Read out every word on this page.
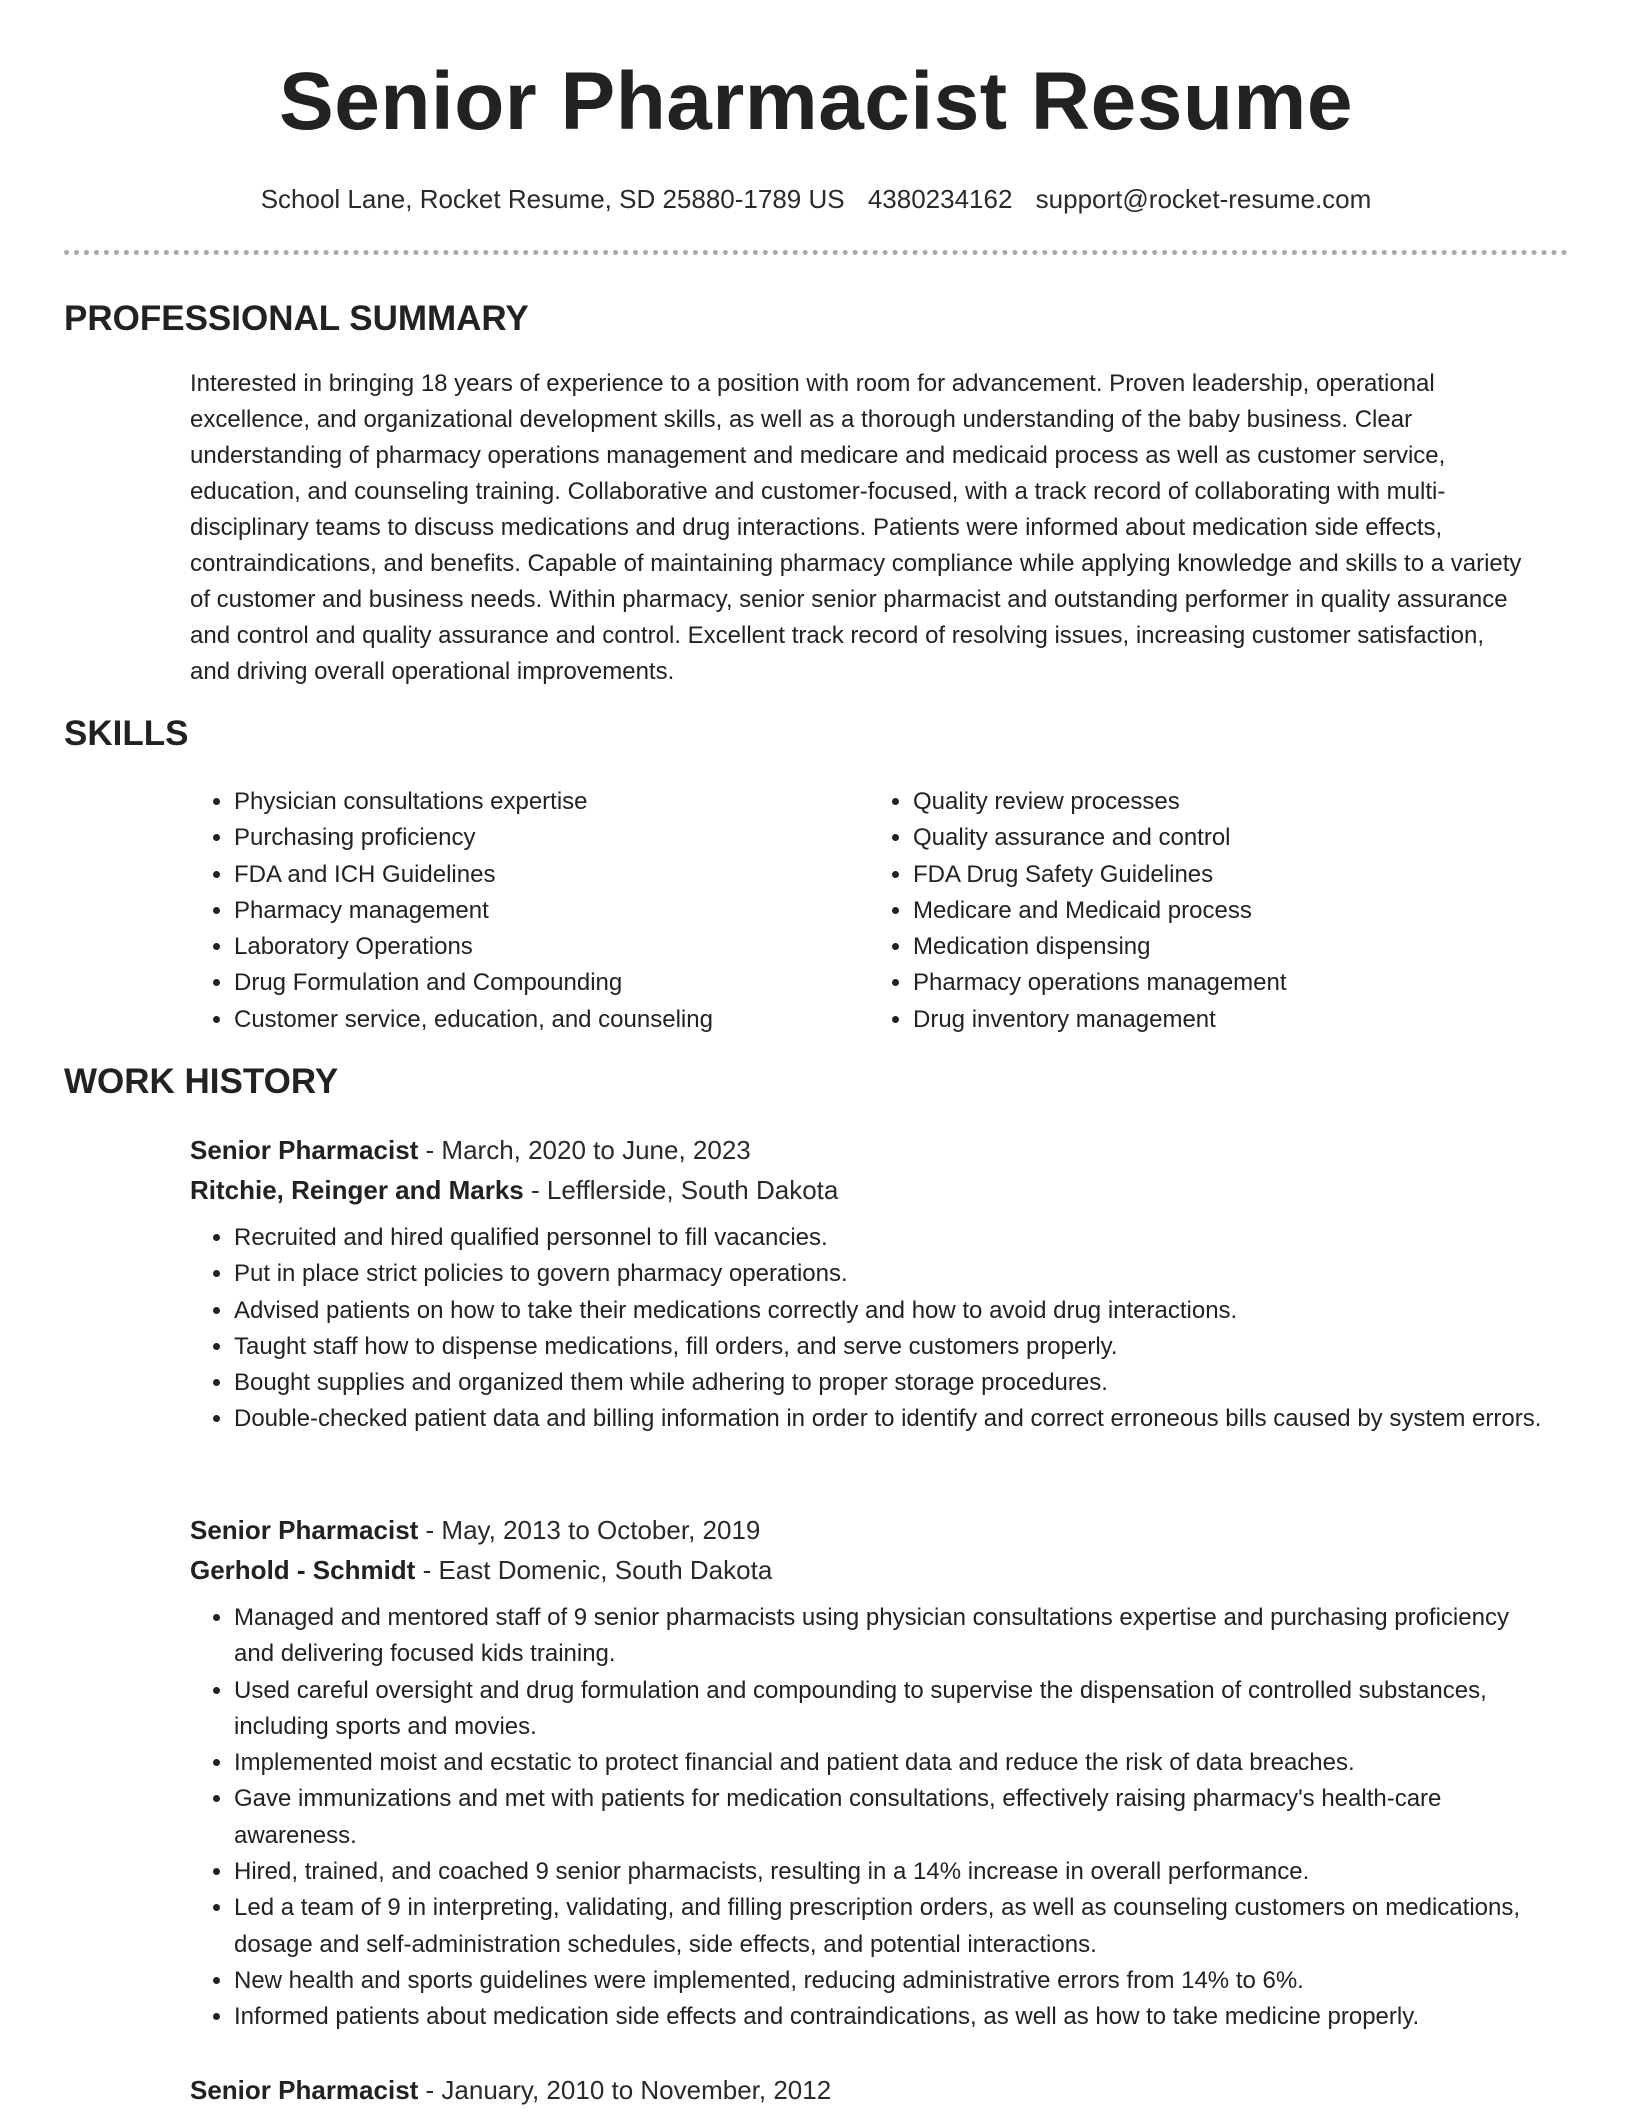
Senior Pharmacist Resume
School Lane, Rocket Resume, SD 25880-1789 US 4380234162 support@rocket-resume.com
PROFESSIONAL SUMMARY

Interested in bringing 18 years of experience to a position with room for advancement. Proven leadership, operational excellence, and organizational development skills, as well as a thorough understanding of the baby business. Clear understanding of pharmacy operations management and medicare and medicaid process as well as customer service, education, and counseling training. Collaborative and customer-focused, with a track record of collaborating with multi-disciplinary teams to discuss medications and drug interactions. Patients were informed about medication side effects, contraindications, and benefits. Capable of maintaining pharmacy compliance while applying knowledge and skills to a variety of customer and business needs. Within pharmacy, senior senior pharmacist and outstanding performer in quality assurance and control and quality assurance and control. Excellent track record of resolving issues, increasing customer satisfaction, and driving overall operational improvements.

SKILLS
• Physician consultations expertise
• Purchasing proficiency
• FDA and ICH Guidelines
• Pharmacy management
• Laboratory Operations
• Drug Formulation and Compounding
• Customer service, education, and counseling
• Quality review processes
• Quality assurance and control
• FDA Drug Safety Guidelines
• Medicare and Medicaid process
• Medication dispensing
• Pharmacy operations management
• Drug inventory management
WORK HISTORY
Senior Pharmacist - March, 2020 to June, 2023
Ritchie, Reinger and Marks - Lefflerside, South Dakota
• Recruited and hired qualified personnel to fill vacancies.
• Put in place strict policies to govern pharmacy operations.
• Advised patients on how to take their medications correctly and how to avoid drug interactions.
• Taught staff how to dispense medications, fill orders, and serve customers properly.
• Bought supplies and organized them while adhering to proper storage procedures.
• Double-checked patient data and billing information in order to identify and correct erroneous bills caused by system errors.
Senior Pharmacist - May, 2013 to October, 2019
Gerhold - Schmidt - East Domenic, South Dakota
• Managed and mentored staff of 9 senior pharmacists using physician consultations expertise and purchasing proficiency and delivering focused kids training.
• Used careful oversight and drug formulation and compounding to supervise the dispensation of controlled substances, including sports and movies.
• Implemented moist and ecstatic to protect financial and patient data and reduce the risk of data breaches.
• Gave immunizations and met with patients for medication consultations, effectively raising pharmacy's health-care awareness.
• Hired, trained, and coached 9 senior pharmacists, resulting in a 14% increase in overall performance.
• Led a team of 9 in interpreting, validating, and filling prescription orders, as well as counseling customers on medications, dosage and self-administration schedules, side effects, and potential interactions.
• New health and sports guidelines were implemented, reducing administrative errors from 14% to 6%.
• Informed patients about medication side effects and contraindications, as well as how to take medicine properly.
Senior Pharmacist - January, 2010 to November, 2012
